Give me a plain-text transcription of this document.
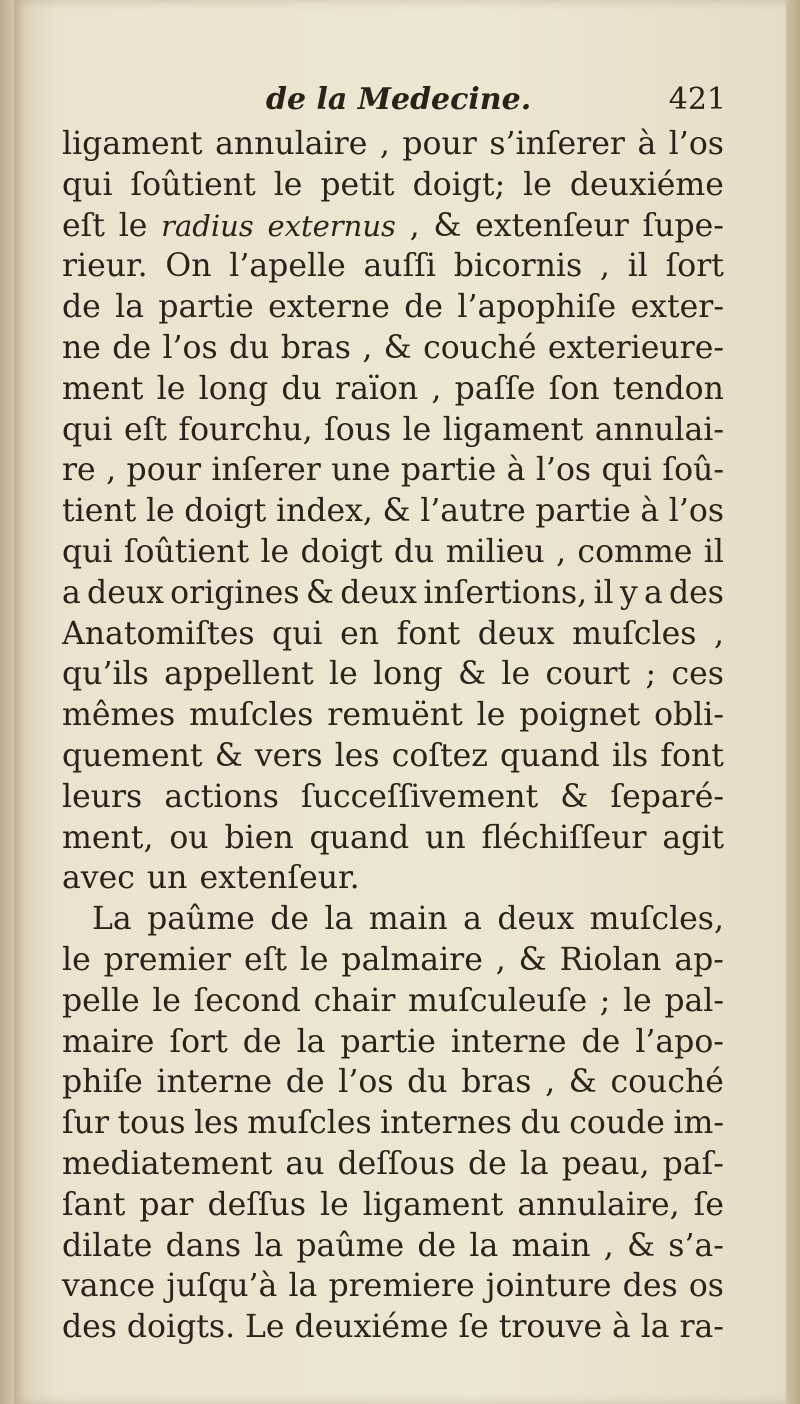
de la Medecine.	421
ligament annulaire , pour s’inſerer à l’os
qui ſoûtient le petit doigt; le deuxiéme
eſt le radius externus , & extenſeur ſupe-
rieur. On l’apelle auſſi bicornis , il ſort
de la partie externe de l’apophiſe exter-
ne de l’os du bras , & couché exterieure-
ment le long du raïon , paſſe ſon tendon
qui eſt fourchu, ſous le ligament annulai-
re , pour inſerer une partie à l’os qui ſoû-
tient le doigt index, & l’autre partie à l’os
qui ſoûtient le doigt du milieu , comme il
a deux origines & deux inſertions, il y a des
Anatomiſtes qui en font deux muſcles ,
qu’ils appellent le long & le court ; ces
mêmes muſcles remuënt le poignet obli-
quement & vers les coſtez quand ils font
leurs actions ſucceſſivement & ſeparé-
ment, ou bien quand un fléchiſſeur agit
avec un extenſeur.
La paûme de la main a deux muſcles,
le premier eſt le palmaire , & Riolan ap-
pelle le ſecond chair muſculeuſe ; le pal-
maire ſort de la partie interne de l’apo-
phiſe interne de l’os du bras , & couché
ſur tous les muſcles internes du coude im-
mediatement au deſſous de la peau, paſ-
ſant par deſſus le ligament annulaire, ſe
dilate dans la paûme de la main , & s’a-
vance juſqu’à la premiere jointure des os
des doigts. Le deuxiéme ſe trouve à la ra-
